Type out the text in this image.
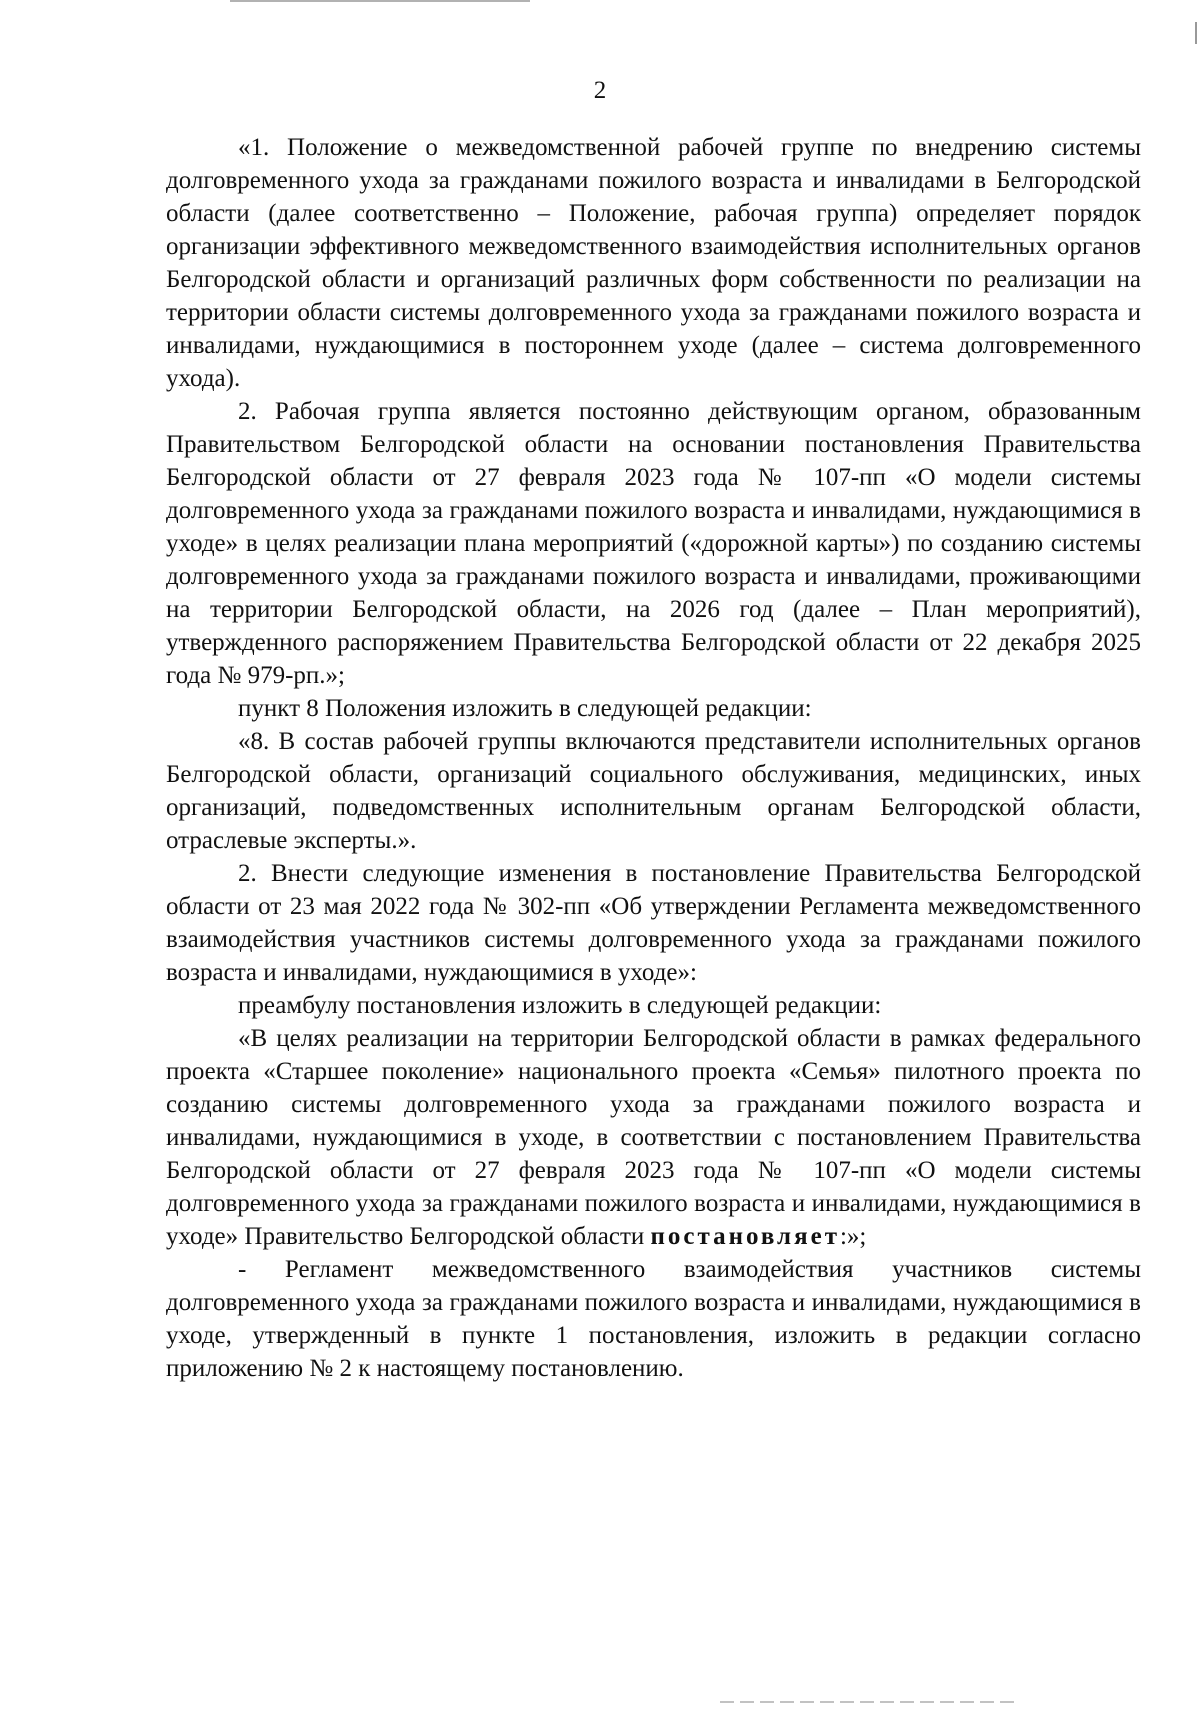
2

«1. Положение о межведомственной рабочей группе по внедрению системы долговременного ухода за гражданами пожилого возраста и инвалидами в Белгородской области (далее соответственно – Положение, рабочая группа) определяет порядок организации эффективного межведомственного взаимодействия исполнительных органов Белгородской области и организаций различных форм собственности по реализации на территории области системы долговременного ухода за гражданами пожилого возраста и инвалидами, нуждающимися в постороннем уходе (далее – система долговременного ухода).

2. Рабочая группа является постоянно действующим органом, образованным Правительством Белгородской области на основании постановления Правительства Белгородской области от 27 февраля 2023 года № 107-пп «О модели системы долговременного ухода за гражданами пожилого возраста и инвалидами, нуждающимися в уходе» в целях реализации плана мероприятий («дорожной карты») по созданию системы долговременного ухода за гражданами пожилого возраста и инвалидами, проживающими на территории Белгородской области, на 2026 год (далее – План мероприятий), утвержденного распоряжением Правительства Белгородской области от 22 декабря 2025 года № 979-рп.»;

пункт 8 Положения изложить в следующей редакции:

«8. В состав рабочей группы включаются представители исполнительных органов Белгородской области, организаций социального обслуживания, медицинских, иных организаций, подведомственных исполнительным органам Белгородской области, отраслевые эксперты.».

2. Внести следующие изменения в постановление Правительства Белгородской области от 23 мая 2022 года № 302-пп «Об утверждении Регламента межведомственного взаимодействия участников системы долговременного ухода за гражданами пожилого возраста и инвалидами, нуждающимися в уходе»:

преамбулу постановления изложить в следующей редакции:

«В целях реализации на территории Белгородской области в рамках федерального проекта «Старшее поколение» национального проекта «Семья» пилотного проекта по созданию системы долговременного ухода за гражданами пожилого возраста и инвалидами, нуждающимися в уходе, в соответствии с постановлением Правительства Белгородской области от 27 февраля 2023 года № 107-пп «О модели системы долговременного ухода за гражданами пожилого возраста и инвалидами, нуждающимися в уходе» Правительство Белгородской области постановляет:»;

- Регламент межведомственного взаимодействия участников системы долговременного ухода за гражданами пожилого возраста и инвалидами, нуждающимися в уходе, утвержденный в пункте 1 постановления, изложить в редакции согласно приложению № 2 к настоящему постановлению.
